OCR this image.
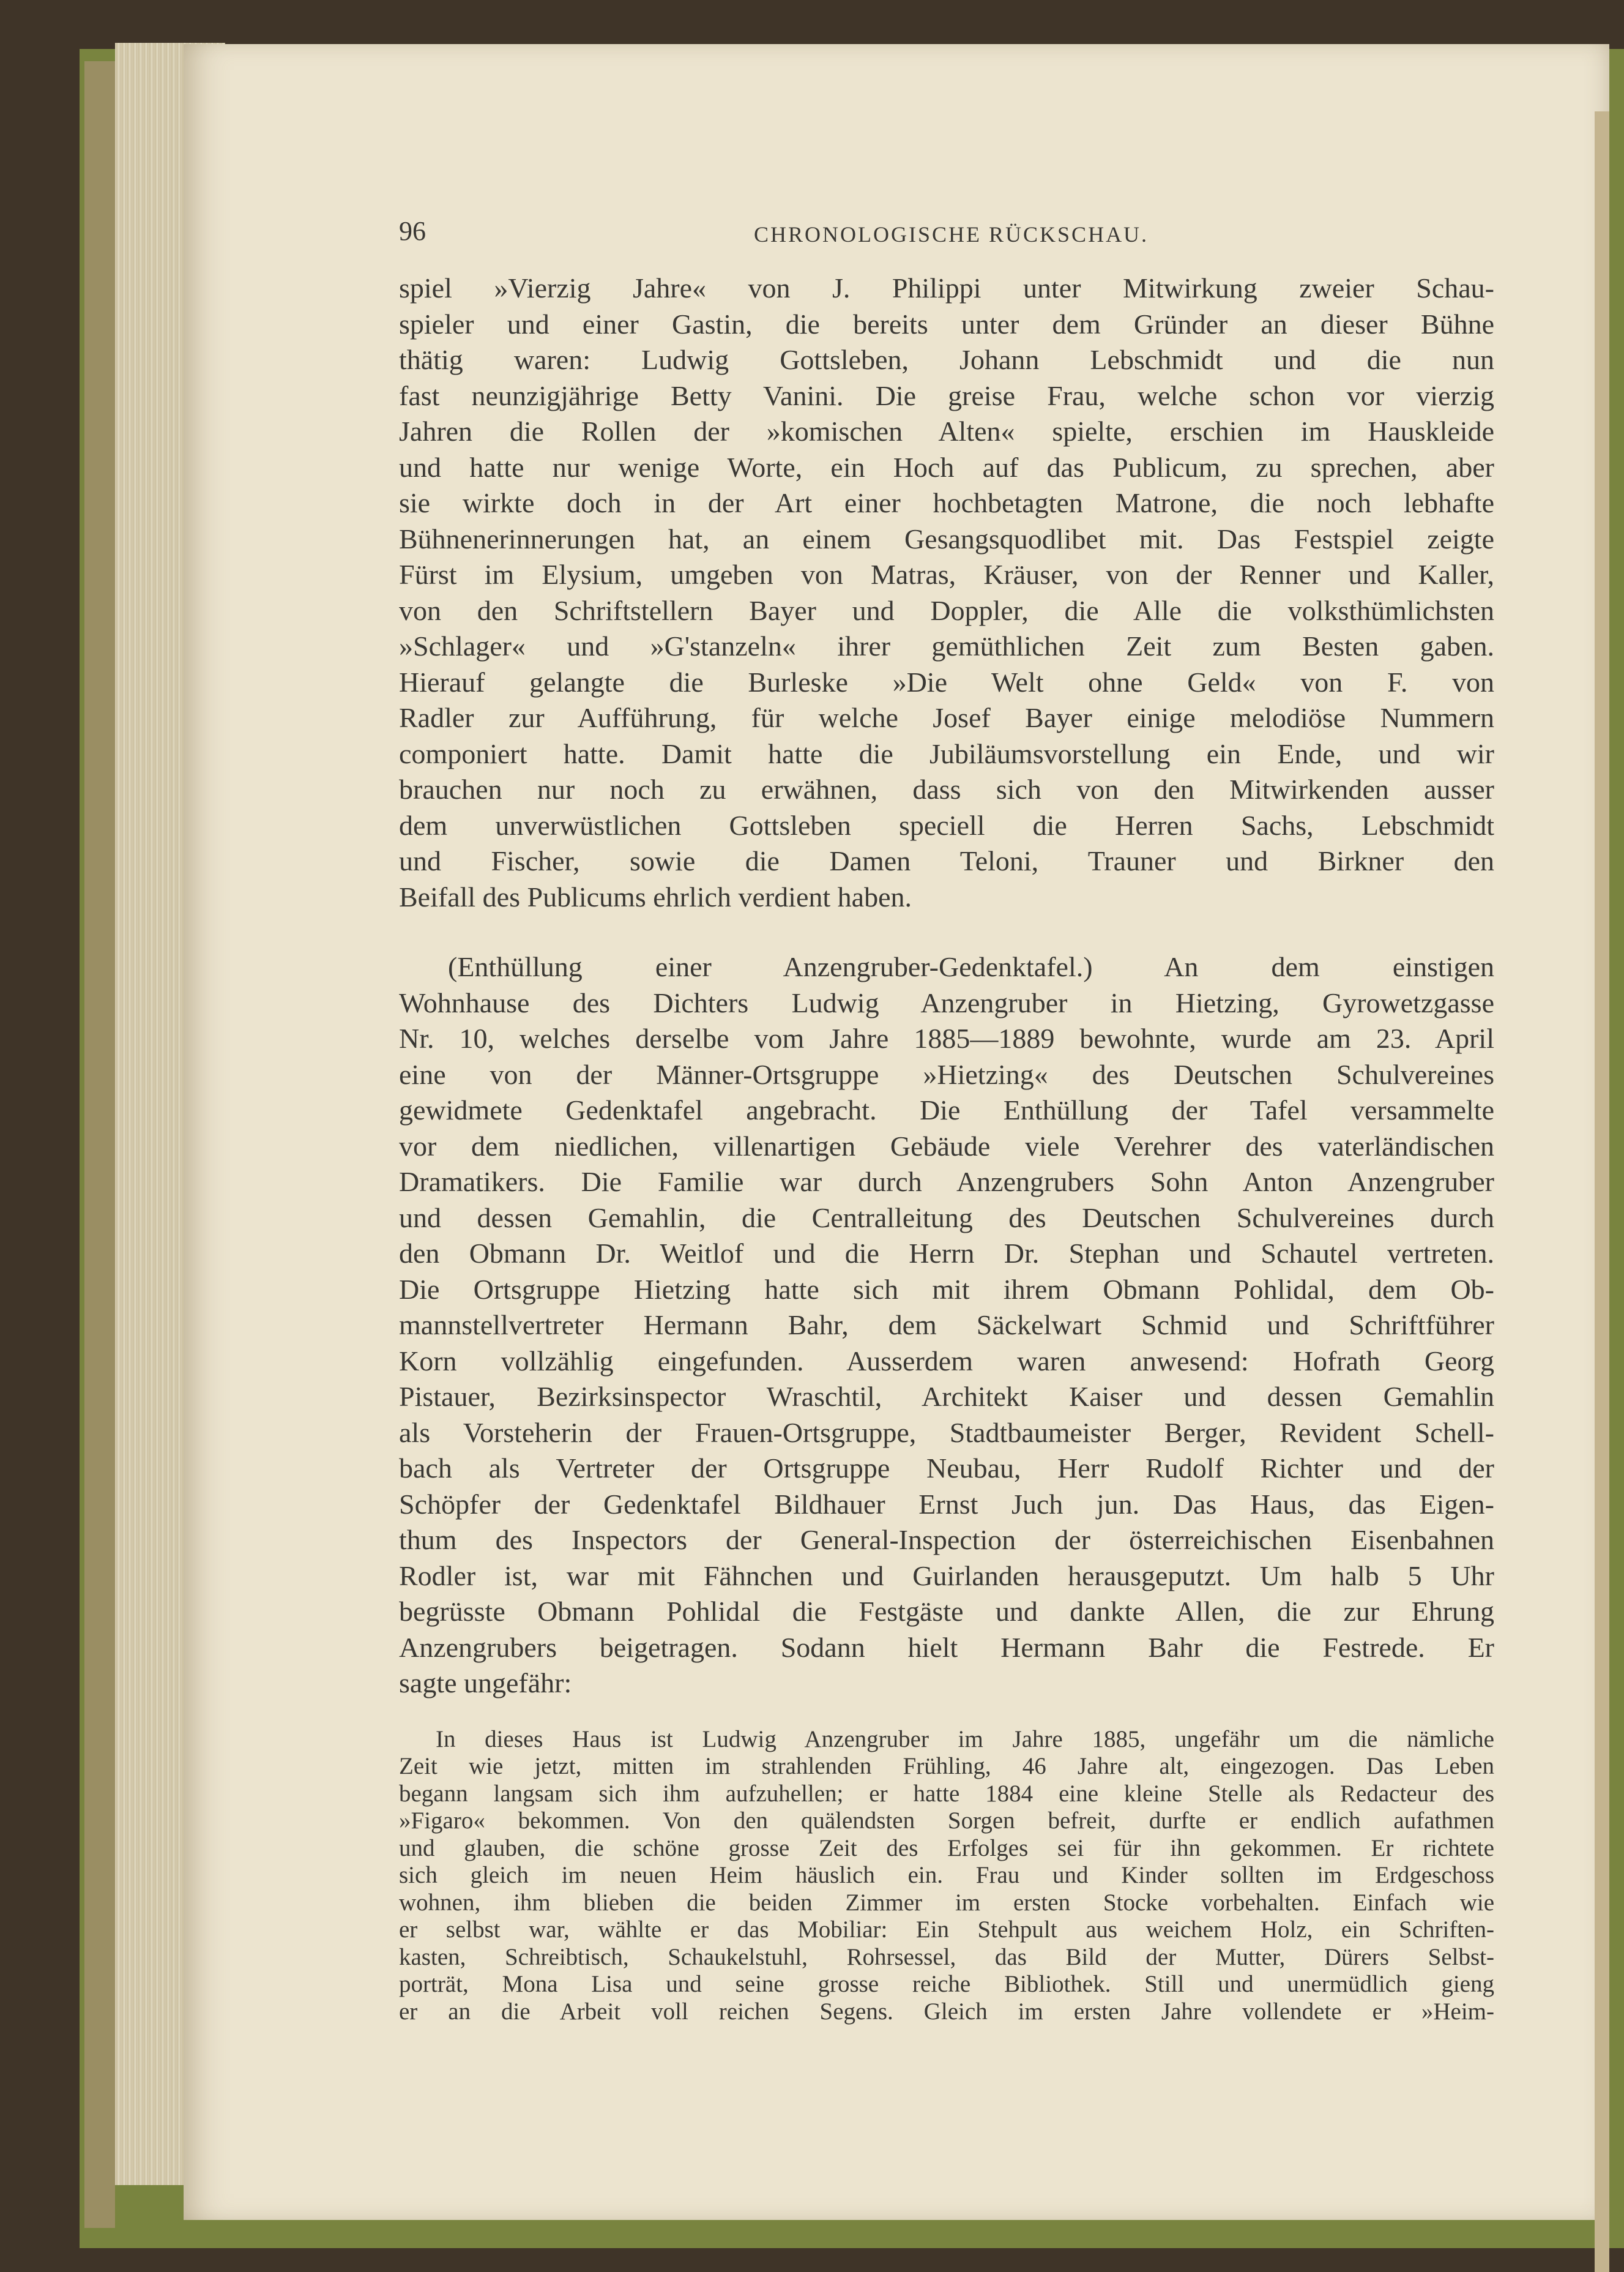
96	CHRONOLOGISCHE RÜCKSCHAU.
spiel »Vierzig Jahre« von J. Philippi unter Mitwirkung zweier Schau-
spieler und einer Gastin, die bereits unter dem Gründer an dieser Bühne
thätig waren: Ludwig Gottsleben, Johann Lebschmidt und die nun
fast neunzigjährige Betty Vanini. Die greise Frau, welche schon vor vierzig
Jahren die Rollen der »komischen Alten« spielte, erschien im Hauskleide
und hatte nur wenige Worte, ein Hoch auf das Publicum, zu sprechen, aber
sie wirkte doch in der Art einer hochbetagten Matrone, die noch lebhafte
Bühnenerinnerungen hat, an einem Gesangsquodlibet mit. Das Festspiel zeigte
Fürst im Elysium, umgeben von Matras, Kräuser, von der Renner und Kaller,
von den Schriftstellern Bayer und Doppler, die Alle die volksthümlichsten
»Schlager« und »G'stanzeln« ihrer gemüthlichen Zeit zum Besten gaben.
Hierauf gelangte die Burleske »Die Welt ohne Geld« von F. von
Radler zur Aufführung, für welche Josef Bayer einige melodiöse Nummern
componiert hatte. Damit hatte die Jubiläumsvorstellung ein Ende, und wir
brauchen nur noch zu erwähnen, dass sich von den Mitwirkenden ausser
dem unverwüstlichen Gottsleben speciell die Herren Sachs, Lebschmidt
und Fischer, sowie die Damen Teloni, Trauner und Birkner den
Beifall des Publicums ehrlich verdient haben.
(Enthüllung einer Anzengruber-Gedenktafel.) An dem einstigen
Wohnhause des Dichters Ludwig Anzengruber in Hietzing, Gyrowetzgasse
Nr. 10, welches derselbe vom Jahre 1885—1889 bewohnte, wurde am 23. April
eine von der Männer-Ortsgruppe »Hietzing« des Deutschen Schulvereines
gewidmete Gedenktafel angebracht. Die Enthüllung der Tafel versammelte
vor dem niedlichen, villenartigen Gebäude viele Verehrer des vaterländischen
Dramatikers. Die Familie war durch Anzengrubers Sohn Anton Anzengruber
und dessen Gemahlin, die Centralleitung des Deutschen Schulvereines durch
den Obmann Dr. Weitlof und die Herrn Dr. Stephan und Schautel vertreten.
Die Ortsgruppe Hietzing hatte sich mit ihrem Obmann Pohlidal, dem Ob-
mannstellvertreter Hermann Bahr, dem Säckelwart Schmid und Schriftführer
Korn vollzählig eingefunden. Ausserdem waren anwesend: Hofrath Georg
Pistauer, Bezirksinspector Wraschtil, Architekt Kaiser und dessen Gemahlin
als Vorsteherin der Frauen-Ortsgruppe, Stadtbaumeister Berger, Revident Schell-
bach als Vertreter der Ortsgruppe Neubau, Herr Rudolf Richter und der
Schöpfer der Gedenktafel Bildhauer Ernst Juch jun. Das Haus, das Eigen-
thum des Inspectors der General-Inspection der österreichischen Eisenbahnen
Rodler ist, war mit Fähnchen und Guirlanden herausgeputzt. Um halb 5 Uhr
begrüsste Obmann Pohlidal die Festgäste und dankte Allen, die zur Ehrung
Anzengrubers beigetragen. Sodann hielt Hermann Bahr die Festrede. Er
sagte ungefähr:
In dieses Haus ist Ludwig Anzengruber im Jahre 1885, ungefähr um die nämliche
Zeit wie jetzt, mitten im strahlenden Frühling, 46 Jahre alt, eingezogen. Das Leben
begann langsam sich ihm aufzuhellen; er hatte 1884 eine kleine Stelle als Redacteur des
»Figaro« bekommen. Von den quälendsten Sorgen befreit, durfte er endlich aufathmen
und glauben, die schöne grosse Zeit des Erfolges sei für ihn gekommen. Er richtete
sich gleich im neuen Heim häuslich ein. Frau und Kinder sollten im Erdgeschoss
wohnen, ihm blieben die beiden Zimmer im ersten Stocke vorbehalten. Einfach wie
er selbst war, wählte er das Mobiliar: Ein Stehpult aus weichem Holz, ein Schriften-
kasten, Schreibtisch, Schaukelstuhl, Rohrsessel, das Bild der Mutter, Dürers Selbst-
porträt, Mona Lisa und seine grosse reiche Bibliothek. Still und unermüdlich gieng
er an die Arbeit voll reichen Segens. Gleich im ersten Jahre vollendete er »Heim-
